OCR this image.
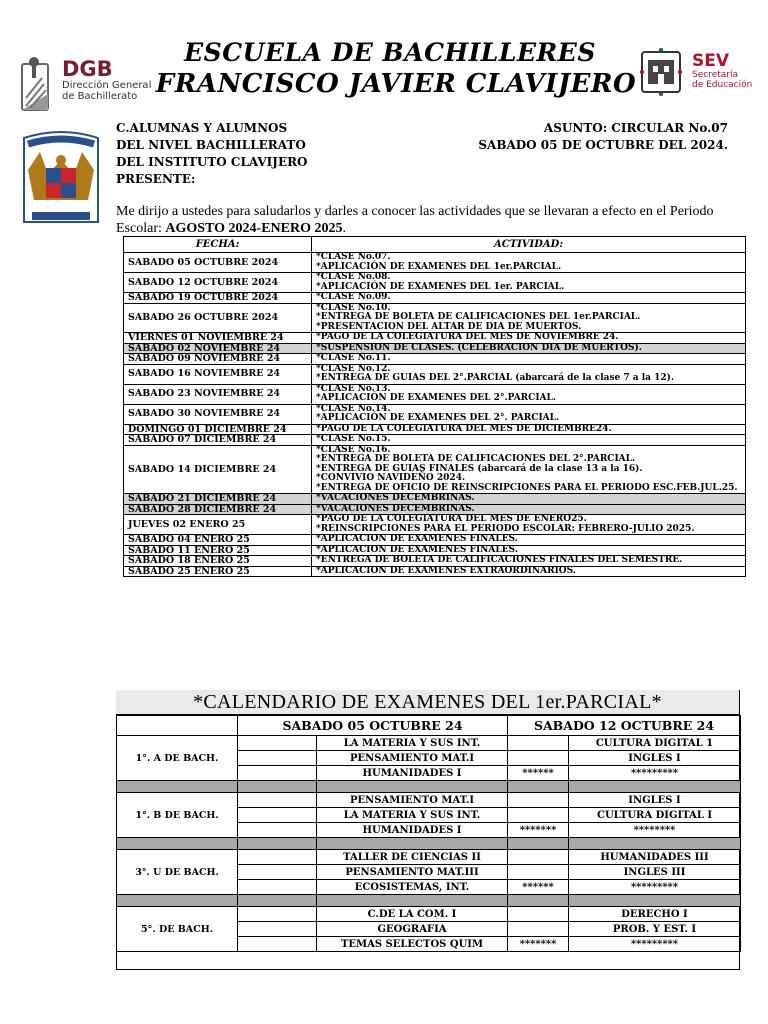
ESCUELA DE BACHILLERES
FRANCISCO JAVIER CLAVIJERO
DGB
Dirección General
de Bachillerato
SEV
Secretaría
de Educación
C.ALUMNAS Y ALUMNOS
DEL NIVEL BACHILLERATO
DEL INSTITUTO CLAVIJERO
PRESENTE:
ASUNTO: CIRCULAR No.07
SABADO 05 DE OCTUBRE DEL 2024.
Me dirijo a ustedes para saludarlos y darles a conocer las actividades que se llevaran a efecto en el Periodo Escolar: AGOSTO 2024-ENERO 2025.
FECHA:	ACTIVIDAD:
SABADO 05 OCTUBRE 2024	*CLASE No.07.
*APLICACIÓN DE EXAMENES DEL 1er.PARCIAL.

SABADO 12 OCTUBRE 2024	*CLASE No.08.
*APLICACIÓN DE EXAMENES DEL 1er. PARCIAL.

SABADO 19 OCTUBRE 2024	*CLASE No.09.

SABADO 26 OCTUBRE 2024	*CLASE No.10.
*ENTREGA DE BOLETA DE CALIFICACIONES DEL 1er.PARCIAL.
*PRESENTACION DEL ALTAR DE DIA DE MUERTOS.

VIERNES 01 NOVIEMBRE 24	*PAGO DE LA COLEGIATURA DEL MES DE NOVIEMBRE 24.

SABADO 02 NOVIEMBRE 24	*SUSPENSION DE CLASES. (CELEBRACION DIA DE MUERTOS).

SABADO 09 NOVIEMBRE 24	*CLASE No.11.

SABADO 16 NOVIEMBRE 24	*CLASE No.12.
*ENTREGA DE GUIAS DEL 2°.PARCIAL (abarcará de la clase 7 a la 12).

SABADO 23 NOVIEMBRE 24	*CLASE No.13.
*APLICACIÓN DE EXAMENES DEL 2°.PARCIAL.

SABADO 30 NOVIEMBRE 24	*CLASE No.14.
*APLICACIÓN DE EXAMENES DEL 2°. PARCIAL.

DOMINGO 01 DICIEMBRE 24	*PAGO DE LA COLEGIATURA DEL MES DE DICIEMBRE24.

SABADO 07 DICIEMBRE 24	*CLASE No.15.

SABADO 14 DICIEMBRE 24	*CLASE No.16.
*ENTREGA DE BOLETA DE CALIFICACIONES DEL 2°.PARCIAL.
*ENTREGA DE GUIAS FINALES (abarcará de la clase 13 a la 16).
*CONVIVIO NAVIDEÑO 2024.
*ENTREGA DE OFICIO DE REINSCRIPCIONES PARA EL PERIODO ESC.FEB.JUL.25.

SABADO 21 DICIEMBRE 24	*VACACIONES DECEMBRINAS.

SABADO 28 DICIEMBRE 24	*VACACIONES DECEMBRINAS.

JUEVES 02 ENERO 25	*PAGO DE LA COLEGIATURA DEL MES DE ENERO25.
*REINSCRIPCIONES PARA EL PERIODO ESCOLAR: FEBRERO-JULIO 2025.

SABADO 04 ENERO 25	*APLICACION DE EXAMENES FINALES.

SABADO 11 ENERO 25	*APLICACION DE EXAMENES FINALES.

SABADO 18 ENERO 25	*ENTREGA DE BOLETA DE CALIFICACIONES FINALES DEL SEMESTRE.

SABADO 25 ENERO 25	*APLICACION DE EXAMENES EXTRAORDINARIOS.
*CALENDARIO DE EXAMENES DEL 1er.PARCIAL*
	SABADO 05 OCTUBRE 24		SABADO 12 OCTUBRE 24	
1°. A DE BACH.		LA MATERIA Y SUS INT.		CULTURA DIGITAL 1
		PENSAMIENTO MAT.I		INGLES I
		HUMANIDADES I	******	*********

1°. B DE BACH.		PENSAMIENTO MAT.I		INGLES I
		LA MATERIA Y SUS INT.		CULTURA DIGITAL I
		HUMANIDADES I	*******	********

3°. U DE BACH.		TALLER DE CIENCIAS II		HUMANIDADES III
		PENSAMIENTO MAT.III		INGLES III
		ECOSISTEMAS, INT.	******	*********

5°. DE BACH.		C.DE LA COM. I		DERECHO I
		GEOGRAFIA		PROB. Y EST. I
		TEMAS SELECTOS QUIM	*******	*********
